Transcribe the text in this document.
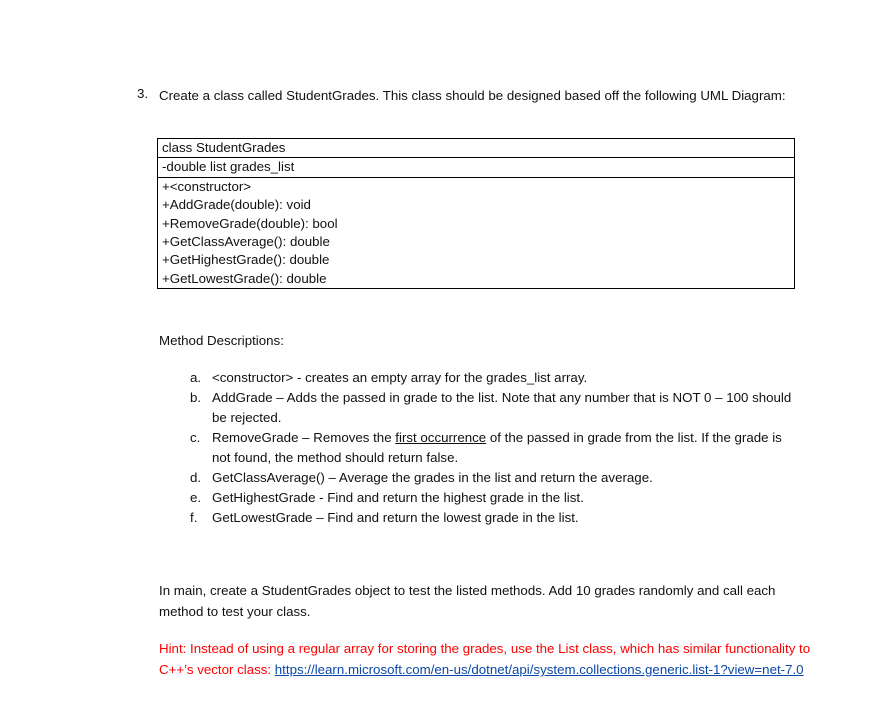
3. Create a class called StudentGrades. This class should be designed based off the following UML Diagram:
class StudentGrades
-double list grades_list
+<constructor>
+AddGrade(double): void
+RemoveGrade(double): bool
+GetClassAverage(): double
+GetHighestGrade(): double
+GetLowestGrade(): double
Method Descriptions:
a. <constructor> - creates an empty array for the grades_list array.
b. AddGrade – Adds the passed in grade to the list. Note that any number that is NOT 0 – 100 should be rejected.
c. RemoveGrade – Removes the first occurrence of the passed in grade from the list. If the grade is not found, the method should return false.
d. GetClassAverage() – Average the grades in the list and return the average.
e. GetHighestGrade - Find and return the highest grade in the list.
f. GetLowestGrade – Find and return the lowest grade in the list.
In main, create a StudentGrades object to test the listed methods. Add 10 grades randomly and call each method to test your class.
Hint: Instead of using a regular array for storing the grades, use the List class, which has similar functionality to C++’s vector class: https://learn.microsoft.com/en-us/dotnet/api/system.collections.generic.list-1?view=net-7.0
